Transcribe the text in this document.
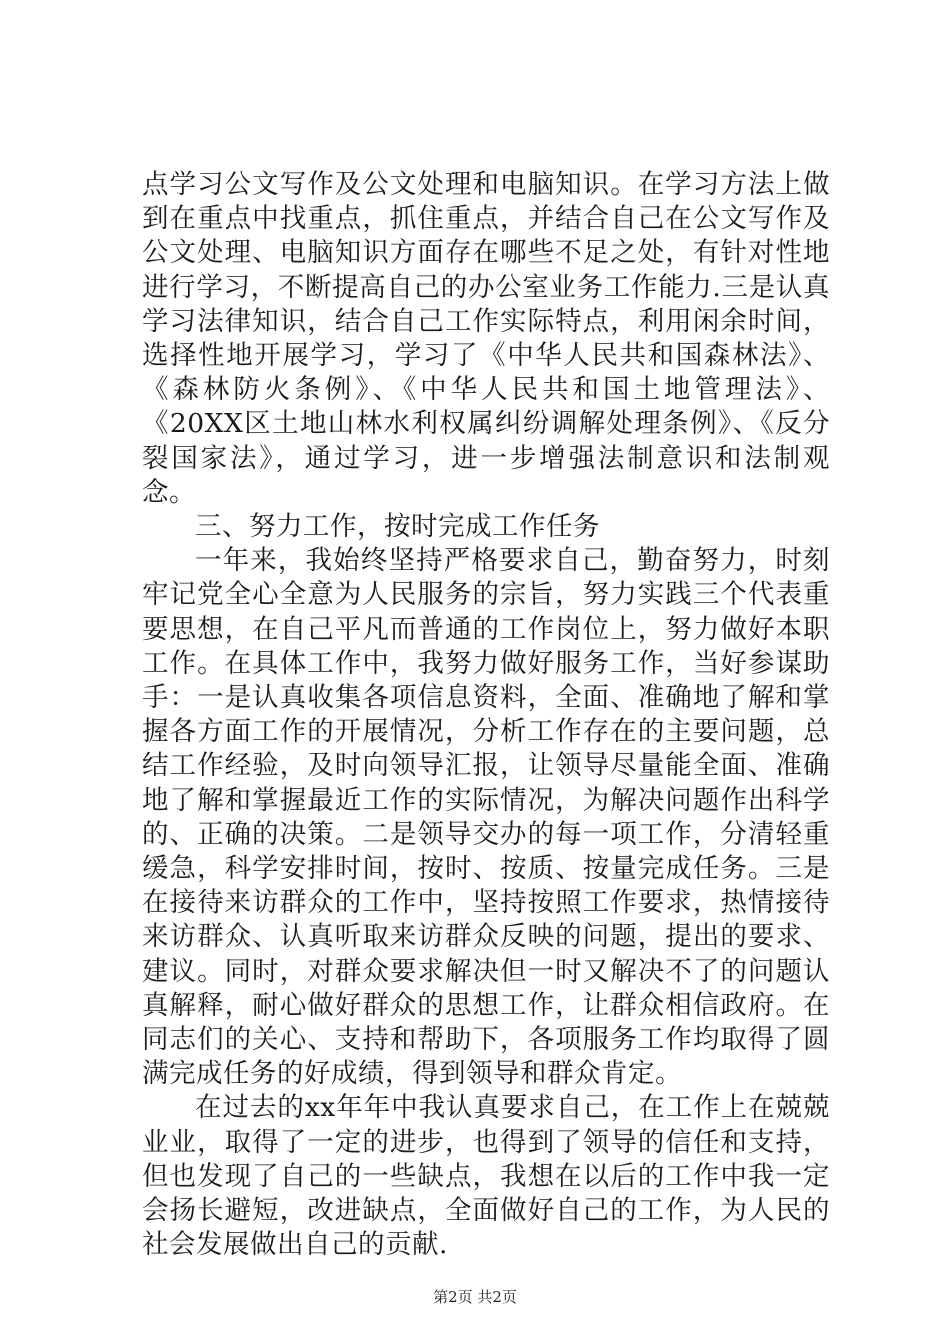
点学习公文写作及公文处理和电脑知识。在学习方法上做到在重点中找重点，抓住重点，并结合自己在公文写作及公文处理、电脑知识方面存在哪些不足之处，有针对性地进行学习，不断提高自己的办公室业务工作能力.三是认真学习法律知识，结合自己工作实际特点，利用闲余时间，选择性地开展学习，学习了《中华人民共和国森林法》、《森林防火条例》、《中华人民共和国土地管理法》、《20XX区土地山林水利权属纠纷调解处理条例》、《反分裂国家法》，通过学习，进一步增强法制意识和法制观念。

三、努力工作，按时完成工作任务

一年来，我始终坚持严格要求自己，勤奋努力，时刻牢记党全心全意为人民服务的宗旨，努力实践三个代表重要思想，在自己平凡而普通的工作岗位上，努力做好本职工作。在具体工作中，我努力做好服务工作，当好参谋助手：一是认真收集各项信息资料，全面、准确地了解和掌握各方面工作的开展情况，分析工作存在的主要问题，总结工作经验，及时向领导汇报，让领导尽量能全面、准确地了解和掌握最近工作的实际情况，为解决问题作出科学的、正确的决策。二是领导交办的每一项工作，分清轻重缓急，科学安排时间，按时、按质、按量完成任务。三是在接待来访群众的工作中，坚持按照工作要求，热情接待来访群众、认真听取来访群众反映的问题，提出的要求、建议。同时，对群众要求解决但一时又解决不了的问题认真解释，耐心做好群众的思想工作，让群众相信政府。在同志们的关心、支持和帮助下，各项服务工作均取得了圆满完成任务的好成绩，得到领导和群众肯定。

在过去的xx年年中我认真要求自己，在工作上在兢兢业业，取得了一定的进步，也得到了领导的信任和支持，但也发现了自己的一些缺点，我想在以后的工作中我一定会扬长避短，改进缺点，全面做好自己的工作，为人民的社会发展做出自己的贡献.

第2页 共2页
